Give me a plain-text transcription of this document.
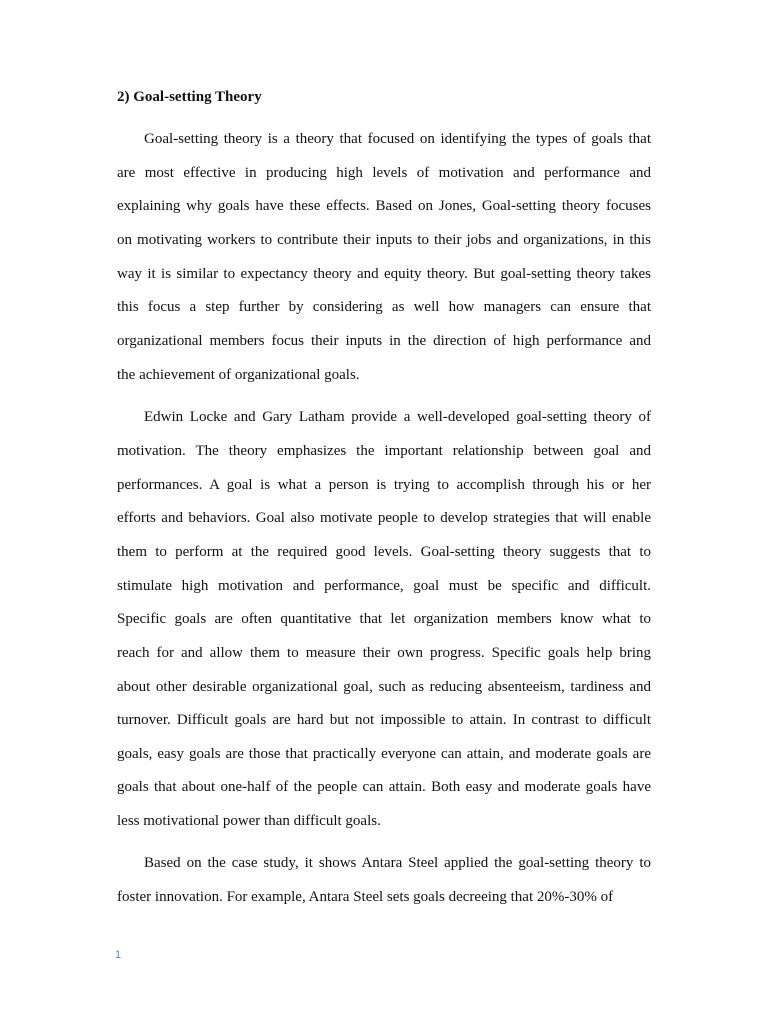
2) Goal-setting Theory

Goal-setting theory is a theory that focused on identifying the types of goals that

are most effective in producing high levels of motivation and performance and

explaining why goals have these effects. Based on Jones, Goal-setting theory focuses

on motivating workers to contribute their inputs to their jobs and organizations, in this

way it is similar to expectancy theory and equity theory. But goal-setting theory takes

this focus a step further by considering as well how managers can ensure that

organizational members focus their inputs in the direction of high performance and

the achievement of organizational goals.

Edwin Locke and Gary Latham provide a well-developed goal-setting theory of

motivation. The theory emphasizes the important relationship between goal and

performances. A goal is what a person is trying to accomplish through his or her

efforts and behaviors. Goal also motivate people to develop strategies that will enable

them to perform at the required good levels. Goal-setting theory suggests that to

stimulate high motivation and performance, goal must be specific and difficult.

Specific goals are often quantitative that let organization members know what to

reach for and allow them to measure their own progress. Specific goals help bring

about other desirable organizational goal, such as reducing absenteeism, tardiness and

turnover. Difficult goals are hard but not impossible to attain. In contrast to difficult

goals, easy goals are those that practically everyone can attain, and moderate goals are

goals that about one-half of the people can attain. Both easy and moderate goals have

less motivational power than difficult goals.

Based on the case study, it shows Antara Steel applied the goal-setting theory to

foster innovation. For example, Antara Steel sets goals decreeing that 20%-30% of

1
